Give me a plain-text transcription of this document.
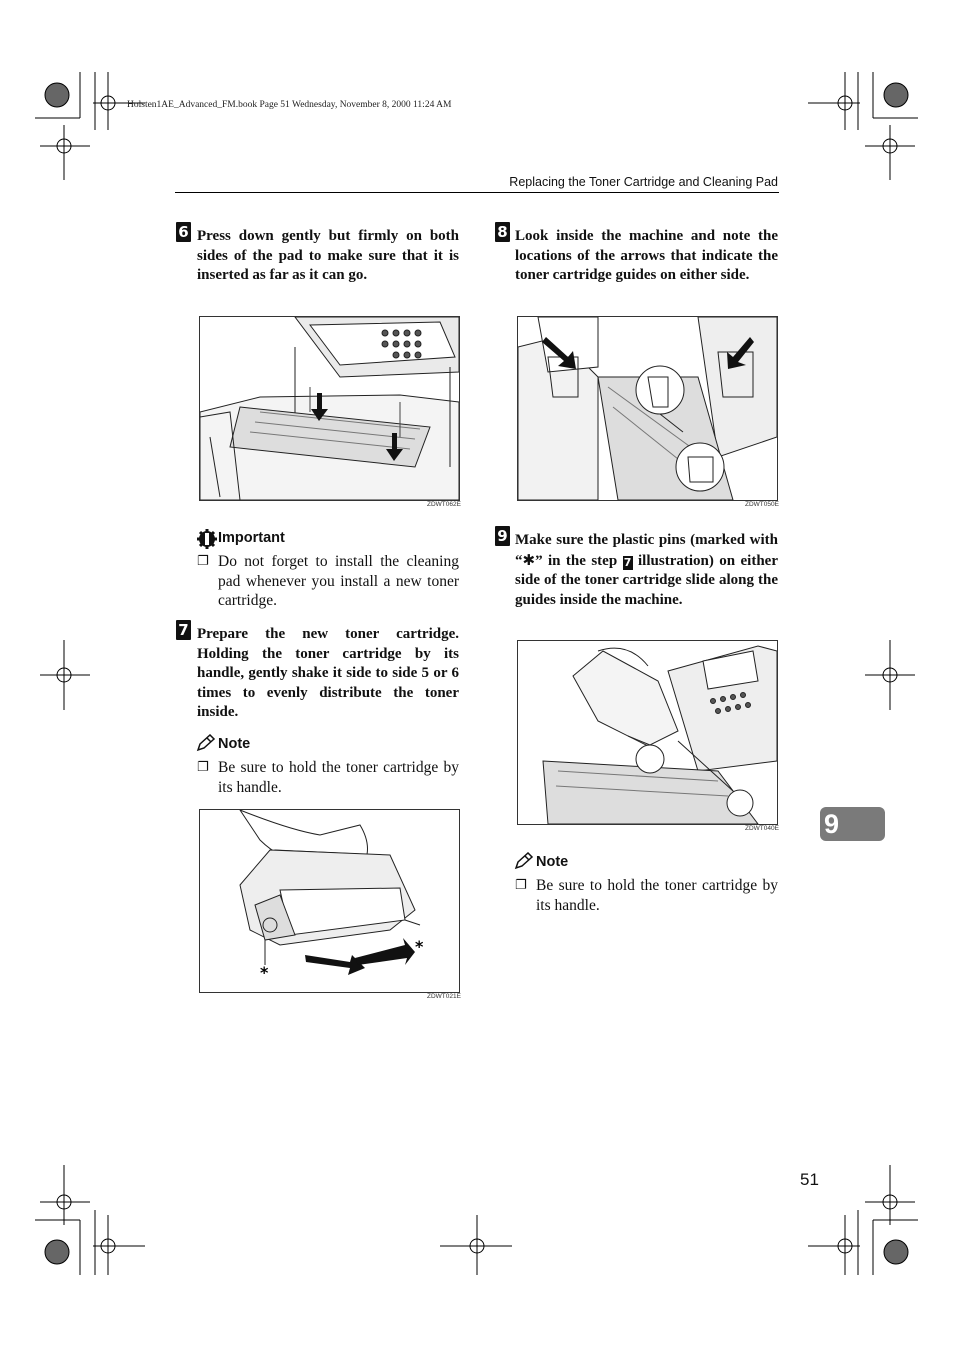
Holsten1AE_Advanced_FM.book Page 51 Wednesday, November 8, 2000 11:24 AM
Replacing the Toner Cartridge and Cleaning Pad
6 Press down gently but firmly on both sides of the pad to make sure that it is inserted as far as it can go.
ZDWT062E
Important
❐ Do not forget to install the cleaning pad whenever you install a new toner cartridge.
7 Prepare the new toner cartridge. Holding the toner cartridge by its handle, gently shake it side to side 5 or 6 times to evenly distribute the toner inside.
Note
❐ Be sure to hold the toner cartridge by its handle.
*
*
ZDWT021E
8 Look inside the machine and note the locations of the arrows that indicate the toner cartridge guides on either side.
ZDWT050E
9 Make sure the plastic pins (marked with “✱” in the step 7 illustration) on either side of the toner cartridge slide along the guides inside the machine.
ZDWT040E
Note
❐ Be sure to hold the toner cartridge by its handle.
9
51
